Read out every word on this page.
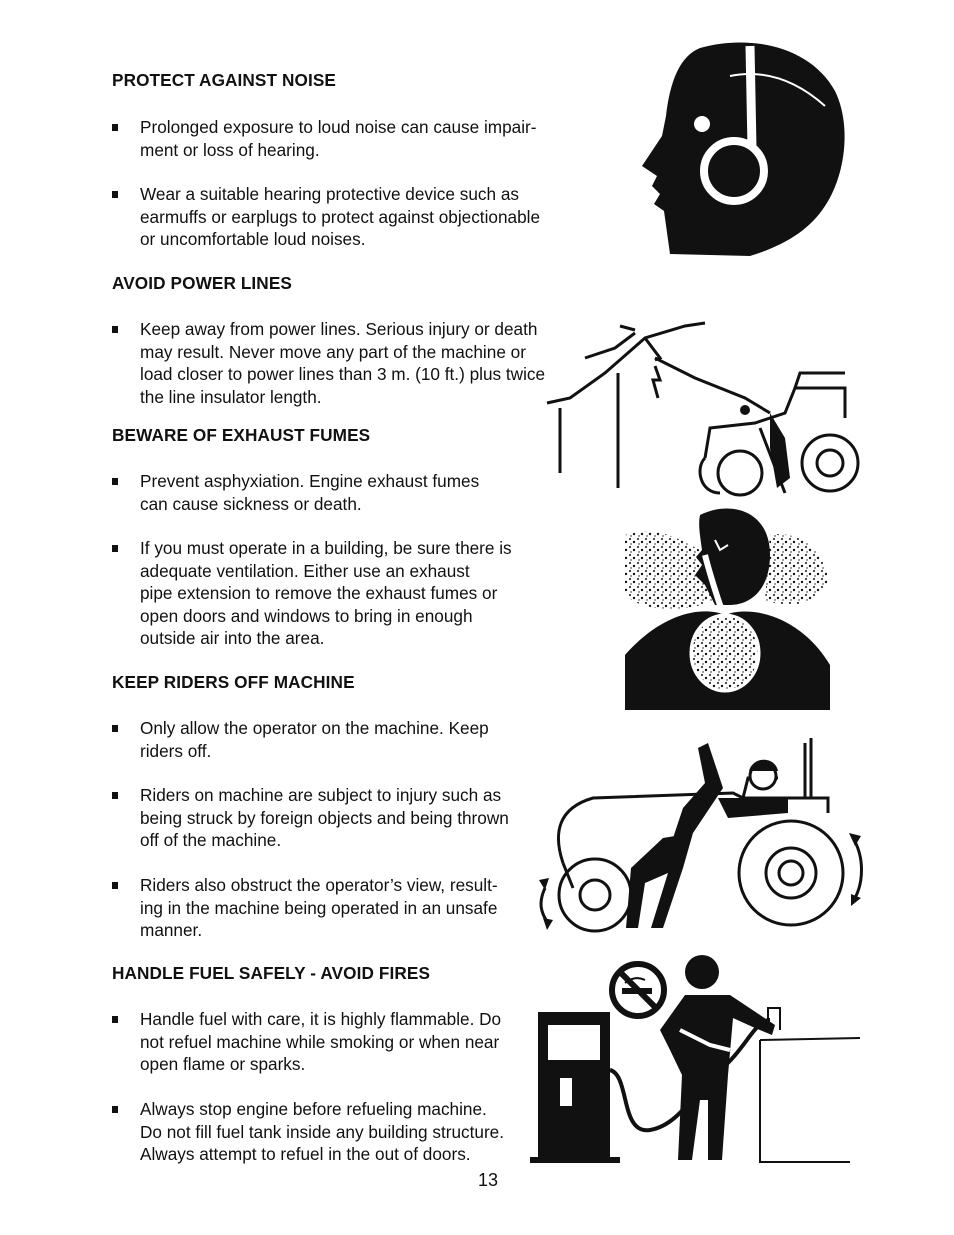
PROTECT AGAINST NOISE
Prolonged exposure to loud noise can cause impair-
ment or loss of hearing.
Wear a suitable hearing protective device such as
earmuffs or earplugs to protect against objectionable
or uncomfortable loud noises.
AVOID POWER LINES
Keep away from power lines. Serious injury or death
may result. Never move any part of the machine or
load closer to power lines than 3 m. (10 ft.) plus twice
the line insulator length.
BEWARE OF EXHAUST FUMES
Prevent asphyxiation. Engine exhaust fumes
can cause sickness or death.
If you must operate in a building, be sure there is
adequate ventilation. Either use an exhaust
pipe extension to remove the exhaust fumes or
open doors and windows to bring in enough
outside air into the area.
KEEP RIDERS OFF MACHINE
Only allow the operator on the machine. Keep
riders off.
Riders on machine are subject to injury such as
being struck by foreign objects and being thrown
off of the machine.
Riders also obstruct the operator’s view, result-
ing in the machine being operated in an unsafe
manner.
HANDLE FUEL SAFELY - AVOID FIRES
Handle fuel with care, it is highly flammable. Do
not refuel machine while smoking or when near
open flame or sparks.
Always stop engine before refueling machine.
Do not fill fuel tank inside any building structure.
Always attempt to refuel in the out of doors.
13
